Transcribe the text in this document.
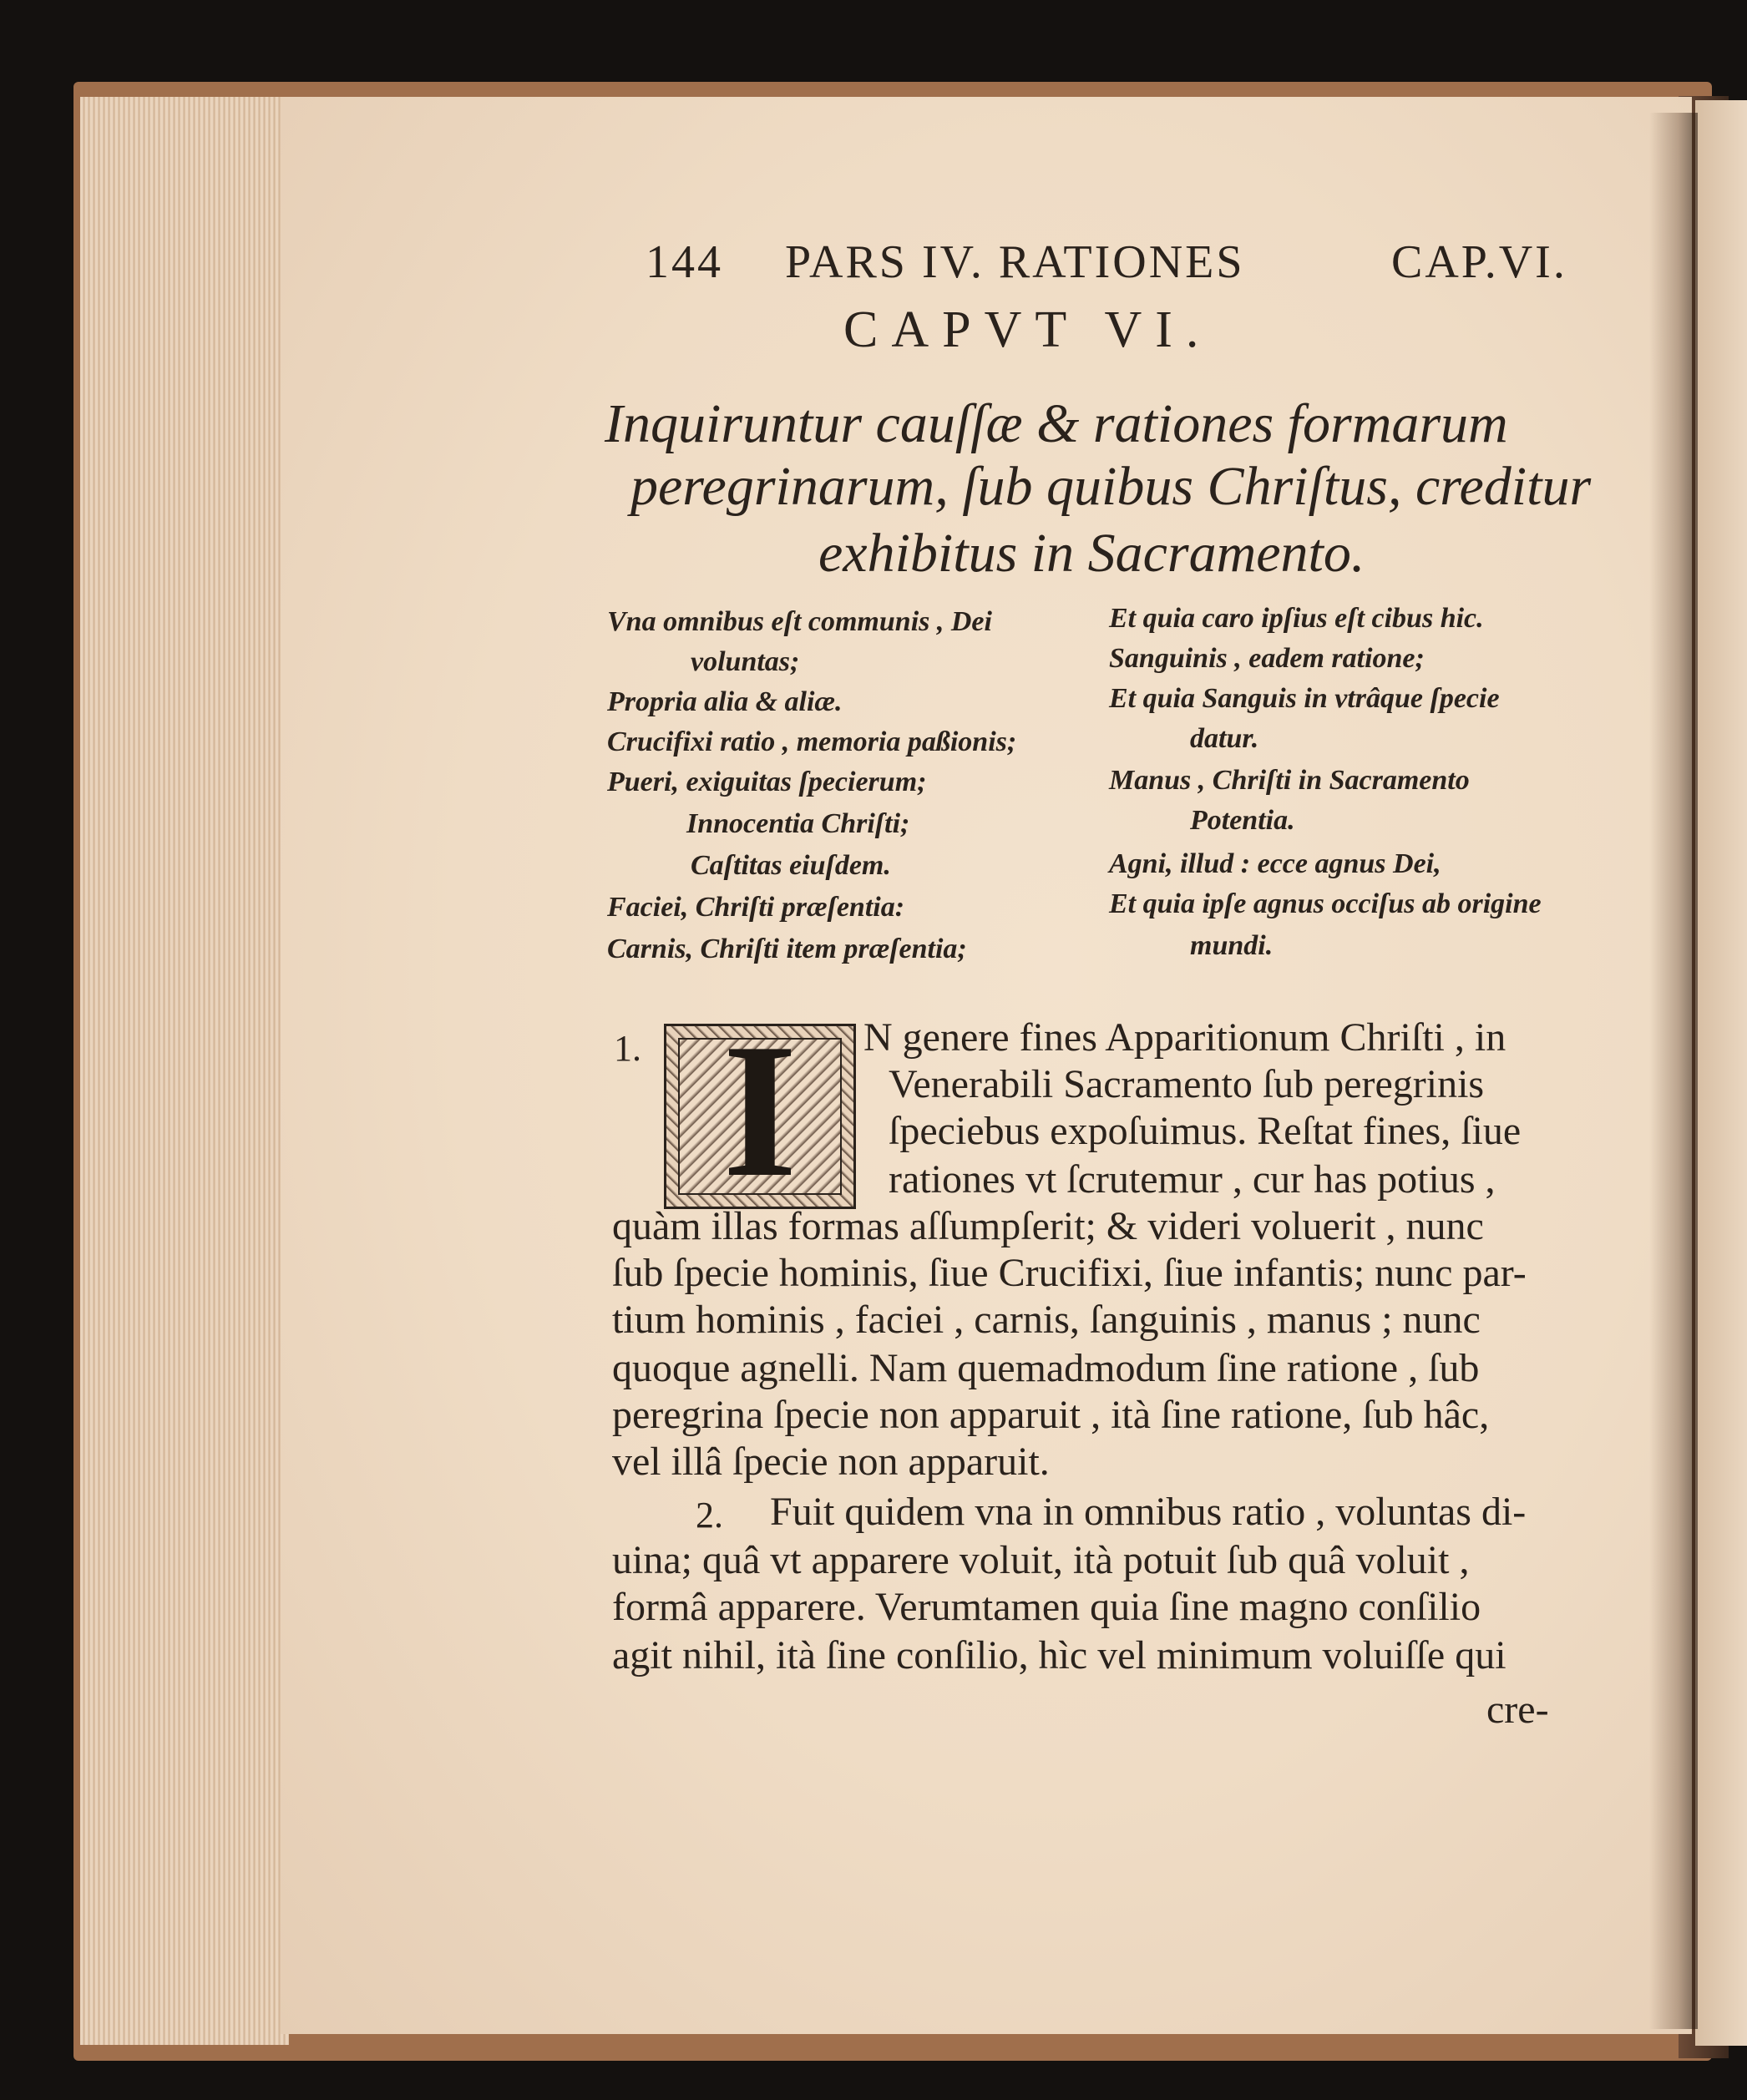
144 PARS IV. RATIONES	CAP.VI.
CAPVT VI.
Inquiruntur cauſſæ & rationes formarum
peregrinarum, ſub quibus Chriſtus, creditur
exhibitus in Sacramento.
Vna omnibus eſt communis , Dei
voluntas;
Propria alia & aliæ.
Crucifixi ratio , memoria paßionis;
Pueri, exiguitas ſpecierum;
Innocentia Chriſti;
Caſtitas eiuſdem.
Faciei, Chriſti præſentia:
Carnis, Chriſti item præſentia;
Et quia caro ipſius eſt cibus hic.
Sanguinis , eadem ratione;
Et quia Sanguis in vtrâque ſpecie
datur.
Manus , Chriſti in Sacramento
Potentia.
Agni, illud : ecce agnus Dei,
Et quia ipſe agnus occiſus ab origine
mundi.
1. I	N genere fines Apparitionum Chriſti , in
Venerabili Sacramento ſub peregrinis
ſpeciebus expoſuimus. Reſtat fines, ſiue
rationes vt ſcrutemur , cur has potius ,
quàm illas formas aſſumpſerit; & videri voluerit , nunc
ſub ſpecie hominis, ſiue Crucifixi, ſiue infantis; nunc par-
tium hominis , faciei , carnis, ſanguinis , manus ; nunc
quoque agnelli. Nam quemadmodum ſine ratione , ſub
peregrina ſpecie non apparuit , ità ſine ratione, ſub hâc,
vel illâ ſpecie non apparuit.
2. Fuit quidem vna in omnibus ratio , voluntas di-
uina; quâ vt apparere voluit, ità potuit ſub quâ voluit ,
formâ apparere. Verumtamen quia ſine magno conſilio
agit nihil, ità ſine conſilio, hìc vel minimum voluiſſe qui
cre-
